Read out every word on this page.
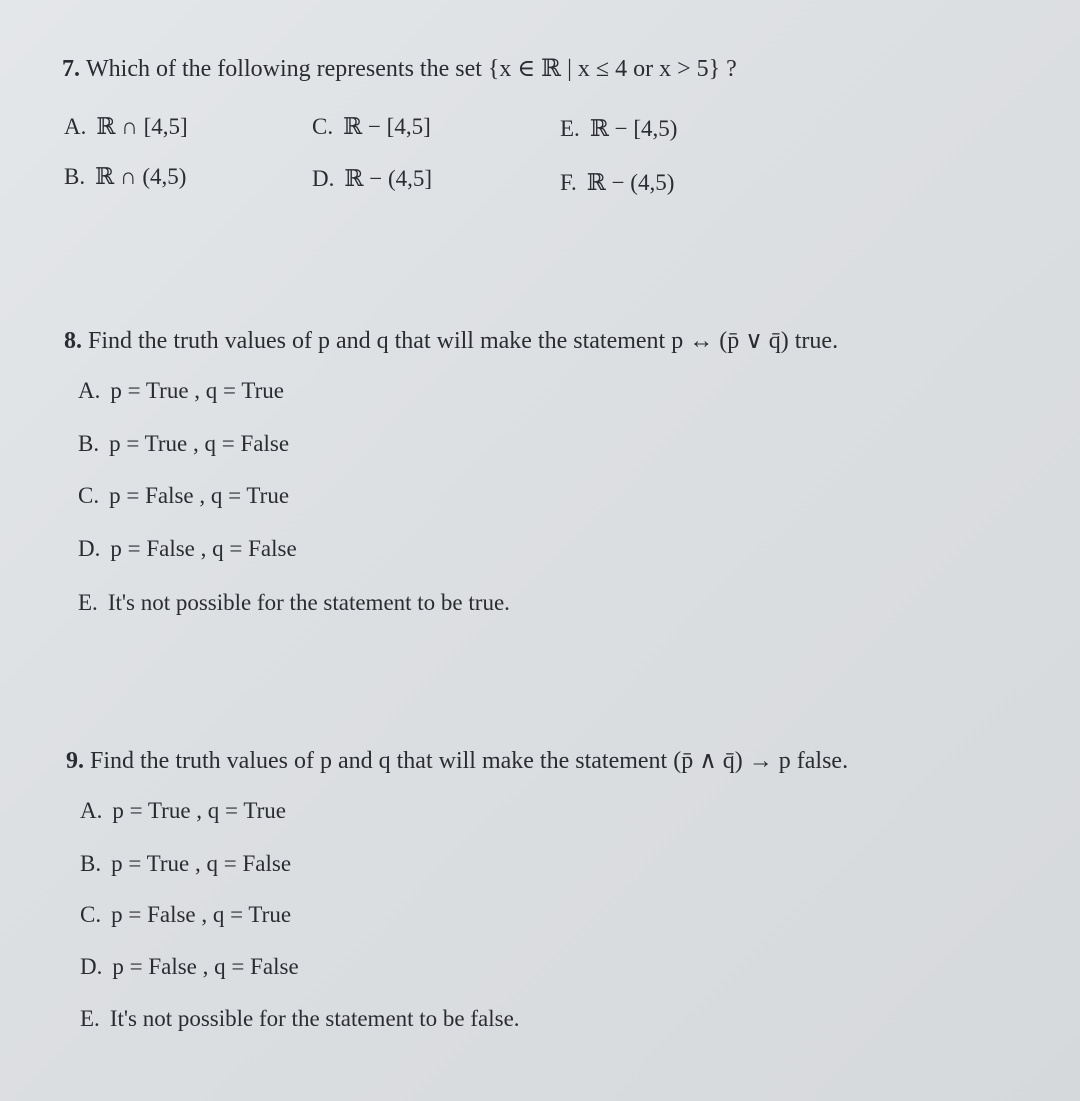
7. Which of the following represents the set {x ∈ ℝ | x ≤ 4 or x > 5} ?
A. ℝ ∩ [4,5]
B. ℝ ∩ (4,5)
C. ℝ − [4,5]
D. ℝ − (4,5]
E. ℝ − [4,5)
F. ℝ − (4,5)
8. Find the truth values of p and q that will make the statement p ↔ (p̄ ∨ q̄) true.
A. p = True , q = True
B. p = True , q = False
C. p = False , q = True
D. p = False , q = False
E. It's not possible for the statement to be true.
9. Find the truth values of p and q that will make the statement (p̄ ∧ q̄) → p false.
A. p = True , q = True
B. p = True , q = False
C. p = False , q = True
D. p = False , q = False
E. It's not possible for the statement to be false.
